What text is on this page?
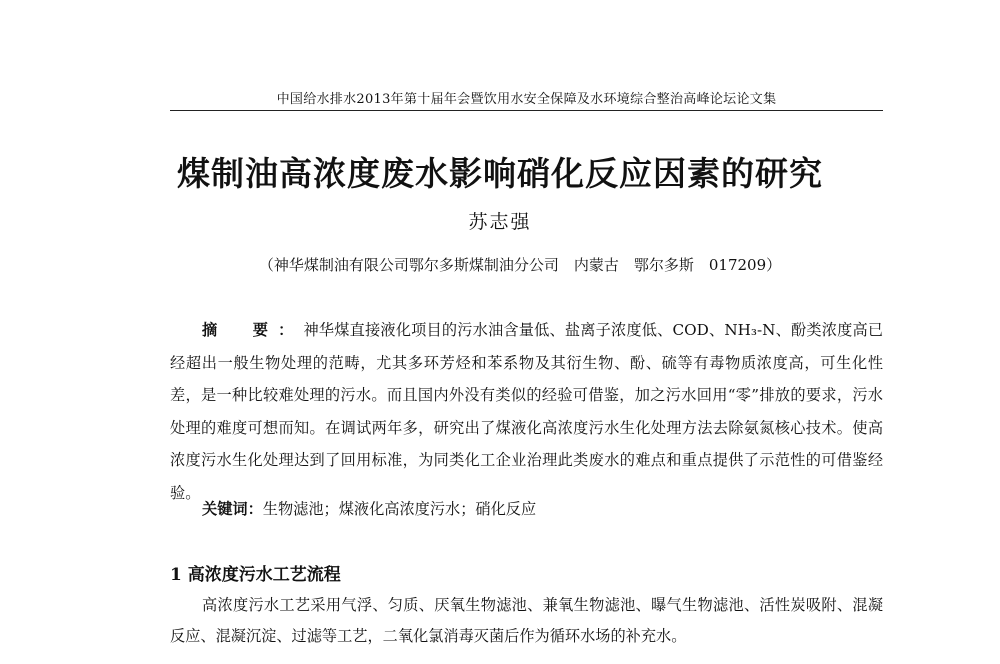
中国给水排水2013年第十届年会暨饮用水安全保障及水环境综合整治高峰论坛论文集
煤制油高浓度废水影响硝化反应因素的研究
苏志强
（神华煤制油有限公司鄂尔多斯煤制油分公司　内蒙古　鄂尔多斯　017209）
摘　要：神华煤直接液化项目的污水油含量低、盐离子浓度低、COD、NH₃-N、酚类浓度高已经超出一般生物处理的范畴，尤其多环芳烃和苯系物及其衍生物、酚、硫等有毒物质浓度高，可生化性差，是一种比较难处理的污水。而且国内外没有类似的经验可借鉴，加之污水回用“零”排放的要求，污水处理的难度可想而知。在调试两年多，研究出了煤液化高浓度污水生化处理方法去除氨氮核心技术。使高浓度污水生化处理达到了回用标准，为同类化工企业治理此类废水的难点和重点提供了示范性的可借鉴经验。
关键词：生物滤池；煤液化高浓度污水；硝化反应
1 高浓度污水工艺流程
高浓度污水工艺采用气浮、匀质、厌氧生物滤池、兼氧生物滤池、曝气生物滤池、活性炭吸附、混凝反应、混凝沉淀、过滤等工艺，二氧化氯消毒灭菌后作为循环水场的补充水。
